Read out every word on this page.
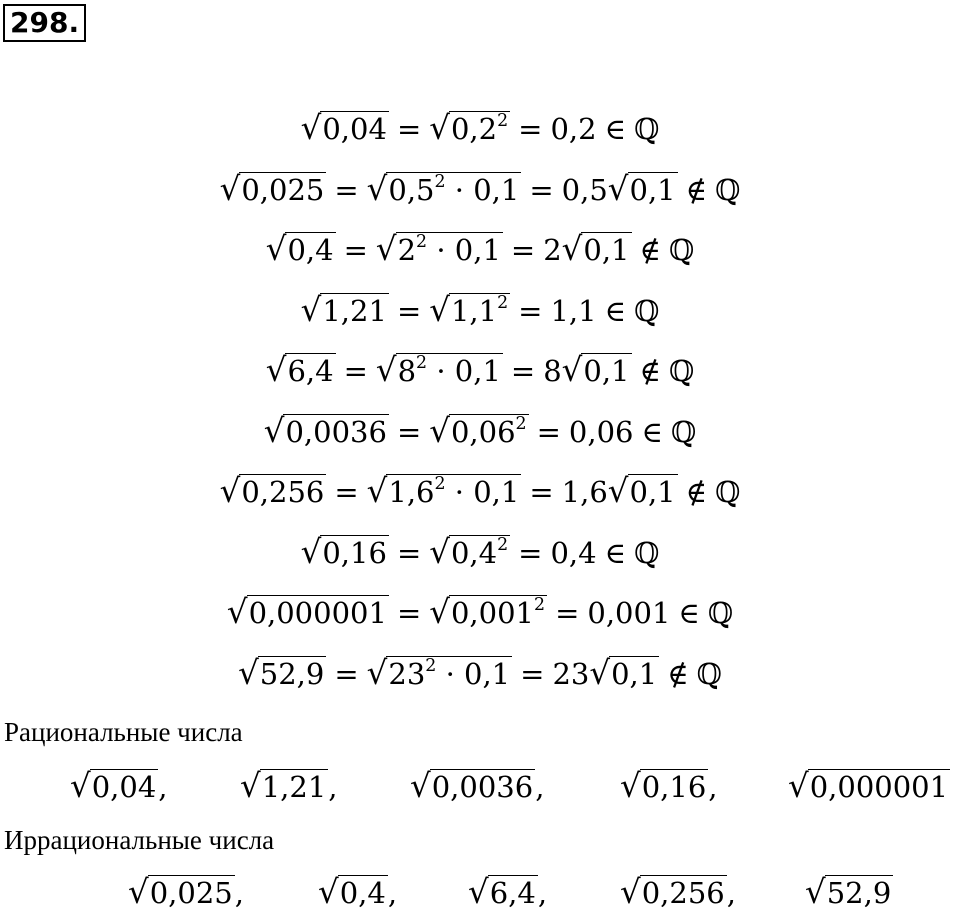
298.
$√0,04 = √0,2^2 = 0,2$ ∈ ℚ
$√0,025 = √0,5^2 \cdot 0,1 = 0,5√0,1$ ∉ ℚ
$√0,4 = √2^2 \cdot 0,1 = 2√0,1$ ∉ ℚ
$√1,21 = √1,1^2 = 1,1$ ∈ ℚ
$√6,4 = √8^2 \cdot 0,1 = 8√0,1$ ∉ ℚ
$√0,0036 = √0,06^2 = 0,06$ ∈ ℚ
$√0,256 = √1,6^2 \cdot 0,1 = 1,6√0,1$ ∉ ℚ
$√0,16 = √0,4^2 = 0,4$ ∈ ℚ
$√0,000001 = √0,001^2 = 0,001$ ∈ ℚ
$√52,9 = √23^2 \cdot 0,1 = 23√0,1$ ∉ ℚ
Рациональные числа
√0,04, √1,21, √0,0036, √0,16, √0,000001
Иррациональные числа
√0,025, √0,4, √6,4, √0,256, √52,9
